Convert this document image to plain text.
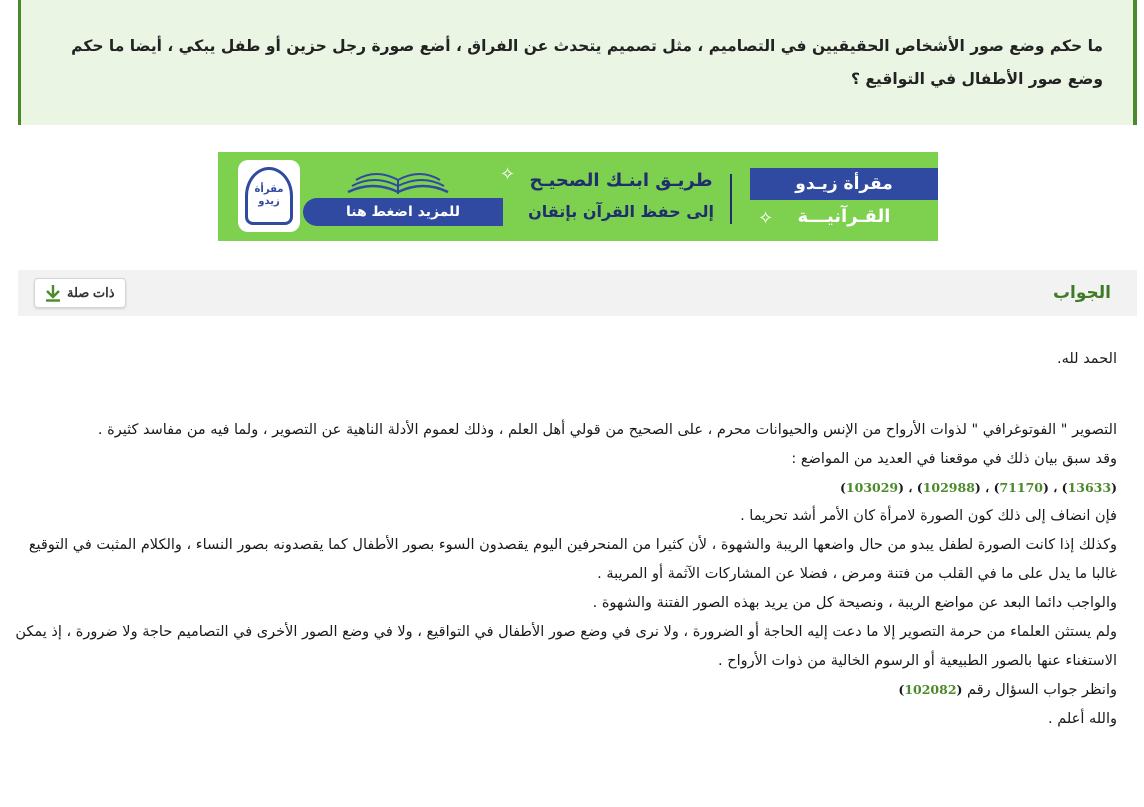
ما حكم وضع صور الأشخاص الحقيقيين في التصاميم ، مثل تصميم يتحدث عن الفراق ، أضع صورة رجل حزين أو طفل يبكي ، أيضا ما حكم وضع صور الأطفال في التواقيع ؟

مقرأة
زيدو
للمزيد اضغط هنا
✧ طريـق ابنـك الصحيـح
إلى حفظ القرآن بإتقان
مقرأة زيـدو
✧	القـرآنيـــة
الجواب
ذات صلة

الحمد لله.

التصوير " الفوتوغرافي " لذوات الأرواح من الإنس والحيوانات محرم ، على الصحيح من قولي أهل العلم ، وذلك لعموم الأدلة الناهية عن التصوير ، ولما فيه من مفاسد كثيرة .

وقد سبق بيان ذلك في موقعنا في العديد من المواضع :

(13633) ، (71170) ، (102988) ، (103029)

فإن انضاف إلى ذلك كون الصورة لامرأة كان الأمر أشد تحريما .

وكذلك إذا كانت الصورة لطفل يبدو من حال واضعها الريبة والشهوة ، لأن كثيرا من المنحرفين اليوم يقصدون السوء بصور الأطفال كما يقصدونه بصور النساء ، والكلام المثبت في التوقيع غالبا ما يدل على ما في القلب من فتنة ومرض ، فضلا عن المشاركات الآثمة أو المريبة .

والواجب دائما البعد عن مواضع الريبة ، ونصيحة كل من يريد بهذه الصور الفتنة والشهوة .

ولم يستثن العلماء من حرمة التصوير إلا ما دعت إليه الحاجة أو الضرورة ، ولا نرى في وضع صور الأطفال في التواقيع ، ولا في وضع الصور الأخرى في التصاميم حاجة ولا ضرورة ، إذ يمكن الاستغناء عنها بالصور الطبيعية أو الرسوم الخالية من ذوات الأرواح .

وانظر جواب السؤال رقم (102082)

والله أعلم .
